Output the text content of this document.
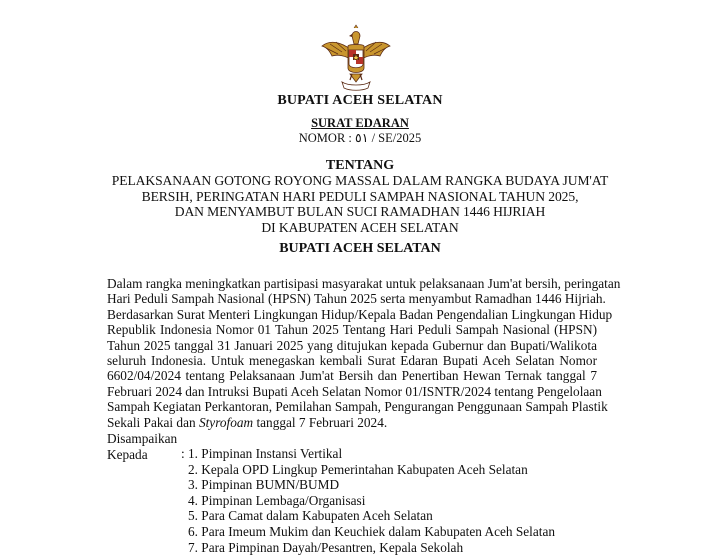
BUPATI ACEH SELATAN
SURAT EDARAN
NOMOR : ٥١ / SE/2025
TENTANG
PELAKSANAAN GOTONG ROYONG MASSAL DALAM RANGKA BUDAYA JUM'AT
BERSIH, PERINGATAN HARI PEDULI SAMPAH NASIONAL TAHUN 2025,
DAN MENYAMBUT BULAN SUCI RAMADHAN 1446 HIJRIAH
DI KABUPATEN ACEH SELATAN
BUPATI ACEH SELATAN
Dalam rangka meningkatkan partisipasi masyarakat untuk pelaksanaan Jum'at bersih, peringatan
Hari Peduli Sampah Nasional (HPSN) Tahun 2025 serta menyambut Ramadhan 1446 Hijriah.
Berdasarkan Surat Menteri Lingkungan Hidup/Kepala Badan Pengendalian Lingkungan Hidup
Republik Indonesia Nomor 01 Tahun 2025 Tentang Hari Peduli Sampah Nasional (HPSN)
Tahun 2025 tanggal 31 Januari 2025 yang ditujukan kepada Gubernur dan Bupati/Walikota
seluruh Indonesia. Untuk menegaskan kembali Surat Edaran Bupati Aceh Selatan Nomor
6602/04/2024 tentang Pelaksanaan Jum'at Bersih dan Penertiban Hewan Ternak tanggal 7
Februari 2024 dan Intruksi Bupati Aceh Selatan Nomor 01/ISNTR/2024 tentang Pengelolaan
Sampah Kegiatan Perkantoran, Pemilahan Sampah, Pengurangan Penggunaan Sampah Plastik
Sekali Pakai dan Styrofoam tanggal 7 Februari 2024.
Disampaikan
Kepada	: 1. Pimpinan Instansi Vertikal
2. Kepala OPD Lingkup Pemerintahan Kabupaten Aceh Selatan
3. Pimpinan BUMN/BUMD
4. Pimpinan Lembaga/Organisasi
5. Para Camat dalam Kabupaten Aceh Selatan
6. Para Imeum Mukim dan Keuchiek dalam Kabupaten Aceh Selatan
7. Para Pimpinan Dayah/Pesantren, Kepala Sekolah
